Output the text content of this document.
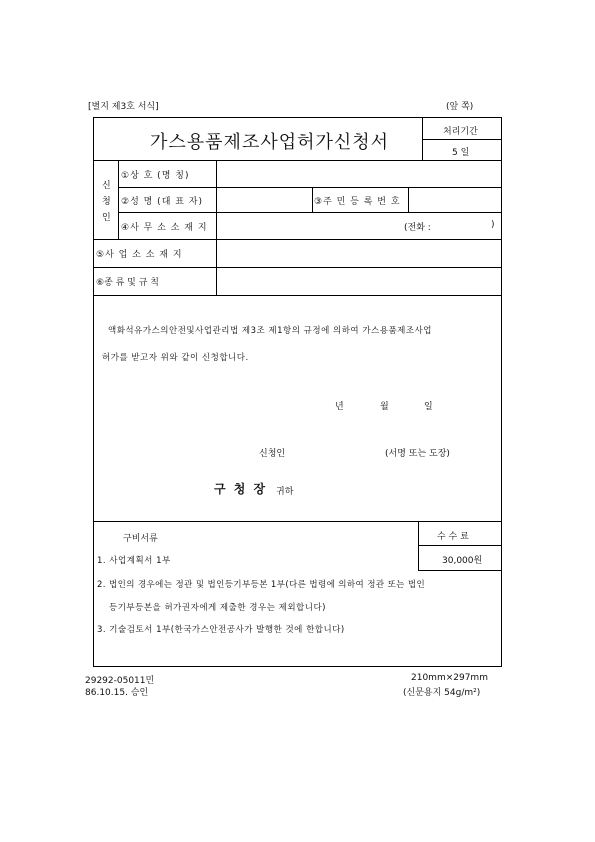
[별지 제3호 서식]	(앞 쪽)
가스용품제조사업허가신청서	처리기간
5 일
신
청
인
①상 호 (명 칭)
②성 명 (대 표 자)	③주 민 등 록 번 호
④사 무 소 소 재 지	(전화 :	)
⑤사 업 소 소 재 지
⑥종 류 및 규 칙
액화석유가스의안전및사업관리법 제3조 제1항의 규정에 의하여 가스용품제조사업
허가를 받고자 위와 같이 신청합니다.
년	월	일
신청인	(서명 또는 도장)
구 청 장 귀하
구비서류
1. 사업계획서 1부
2. 법인의 경우에는 정관 및 법인등기부등본 1부(다른 법령에 의하여 정관 또는 법인
등기부등본을 허가권자에게 제출한 경우는 제외합니다)
3. 기술검토서 1부(한국가스안전공사가 발행한 것에 한합니다)
수 수 료
30,000원
29292-05011민
86.10.15. 승인
210mm×297mm
(신문용지 54g/m²)
